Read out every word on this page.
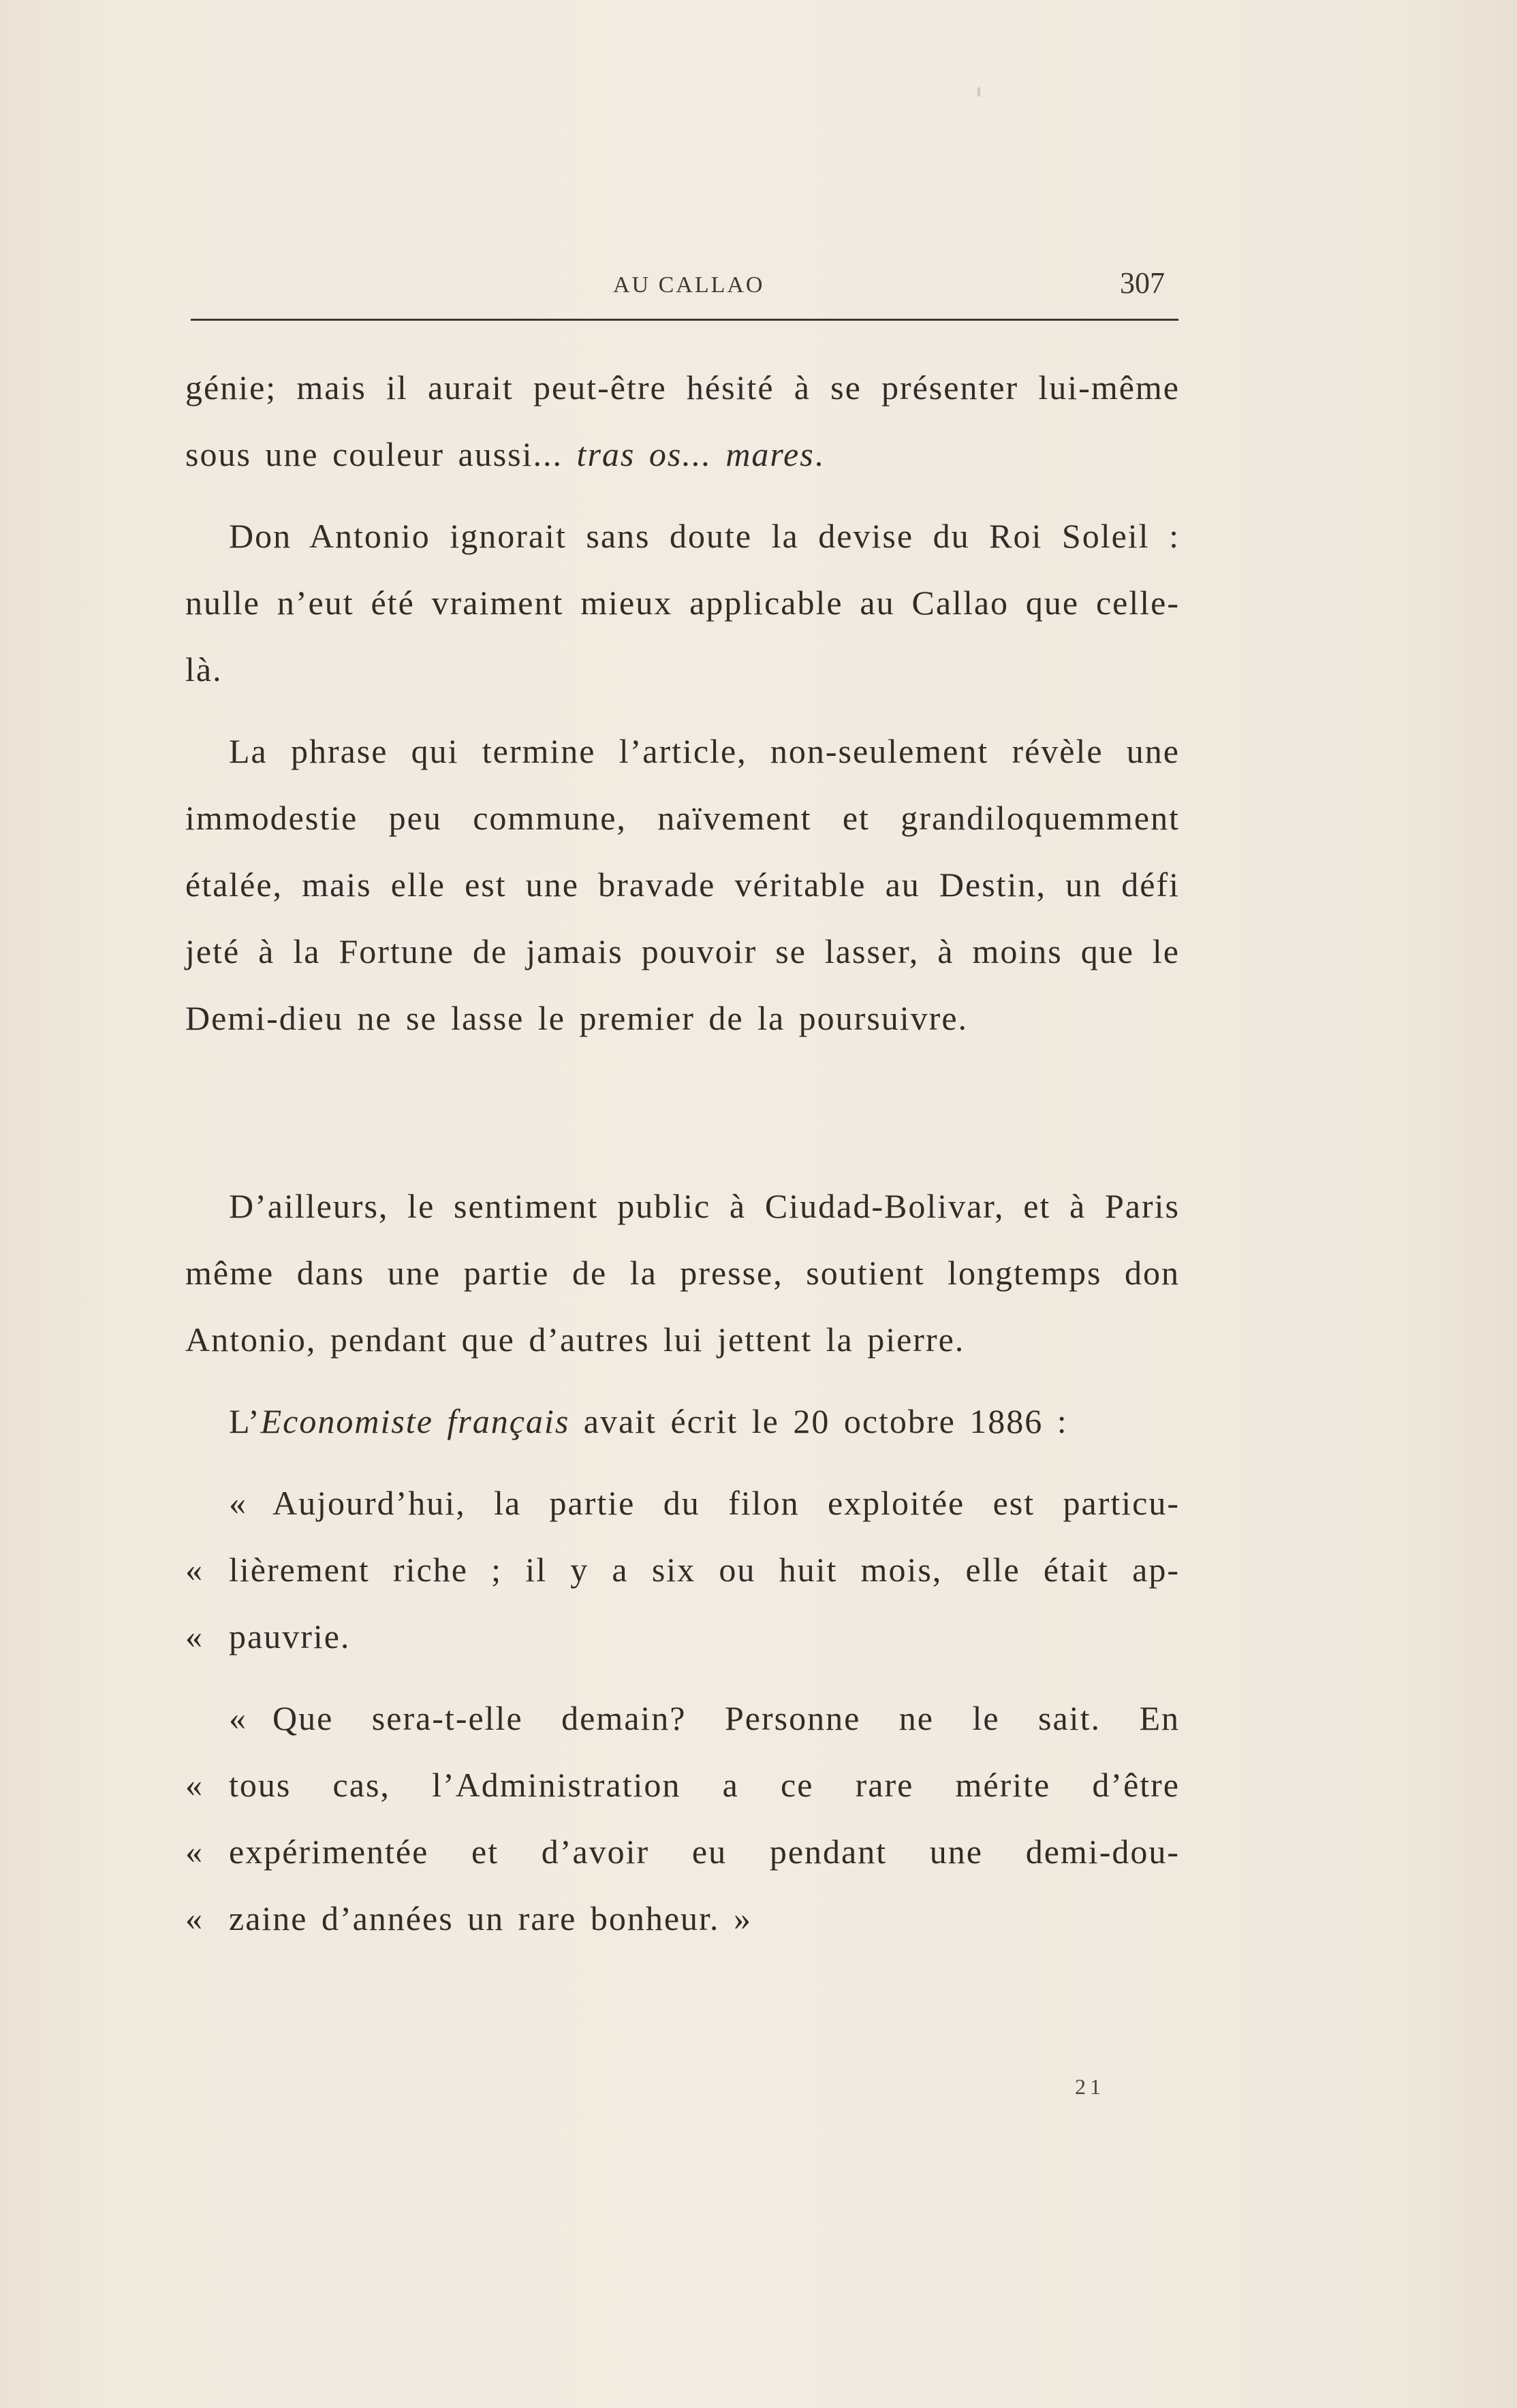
AU CALLAO	307

génie; mais il aurait peut-être hésité à se présenter lui-même sous une couleur aussi... tras os... mares.

Don Antonio ignorait sans doute la devise du Roi Soleil : nulle n’eut été vraiment mieux applicable au Callao que celle-là.

La phrase qui termine l’article, non-seulement révèle une immodestie peu commune, naïvement et grandiloquemment étalée, mais elle est une bravade véritable au Destin, un défi jeté à la Fortune de jamais pouvoir se lasser, à moins que le Demi-dieu ne se lasse le premier de la poursuivre.

D’ailleurs, le sentiment public à Ciudad-Bolivar, et à Paris même dans une partie de la presse, soutient longtemps don Antonio, pendant que d’autres lui jettent la pierre.

L’Economiste français avait écrit le 20 octobre 1886 :

« Aujourd’hui, la partie du filon exploitée est particu-
« lièrement riche ; il y a six ou huit mois, elle était ap-
« pauvrie.
« Que sera-t-elle demain? Personne ne le sait. En
« tous cas, l’Administration a ce rare mérite d’être
« expérimentée et d’avoir eu pendant une demi-dou-
« zaine d’années un rare bonheur. »
21
